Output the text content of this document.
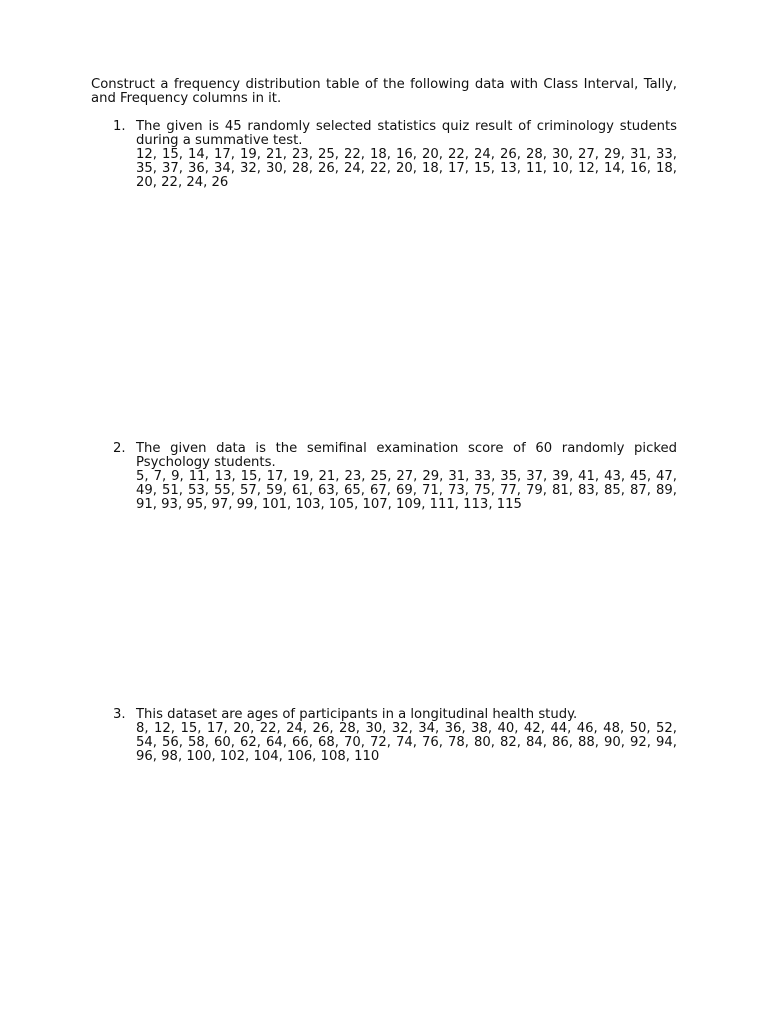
Construct a frequency distribution table of the following data with Class Interval, Tally, and Frequency columns in it.

1. The given is 45 randomly selected statistics quiz result of criminology students during a summative test.

12, 15, 14, 17, 19, 21, 23, 25, 22, 18, 16, 20, 22, 24, 26, 28, 30, 27, 29, 31, 33, 35, 37, 36, 34, 32, 30, 28, 26, 24, 22, 20, 18, 17, 15, 13, 11, 10, 12, 14, 16, 18, 20, 22, 24, 26

2. The given data is the semifinal examination score of 60 randomly picked Psychology students.

5, 7, 9, 11, 13, 15, 17, 19, 21, 23, 25, 27, 29, 31, 33, 35, 37, 39, 41, 43, 45, 47, 49, 51, 53, 55, 57, 59, 61, 63, 65, 67, 69, 71, 73, 75, 77, 79, 81, 83, 85, 87, 89, 91, 93, 95, 97, 99, 101, 103, 105, 107, 109, 111, 113, 115

3. This dataset are ages of participants in a longitudinal health study.

8, 12, 15, 17, 20, 22, 24, 26, 28, 30, 32, 34, 36, 38, 40, 42, 44, 46, 48, 50, 52, 54, 56, 58, 60, 62, 64, 66, 68, 70, 72, 74, 76, 78, 80, 82, 84, 86, 88, 90, 92, 94, 96, 98, 100, 102, 104, 106, 108, 110
